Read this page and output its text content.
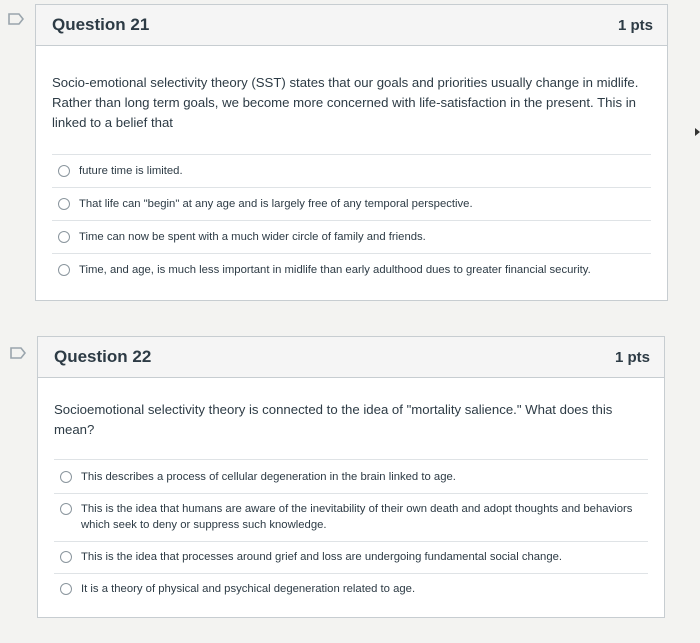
Question 21	1 pts
Socio-emotional selectivity theory (SST) states that our goals and priorities usually change in midlife. Rather than long term goals, we become more concerned with life-satisfaction in the present. This in linked to a belief that
future time is limited.
That life can "begin" at any age and is largely free of any temporal perspective.
Time can now be spent with a much wider circle of family and friends.
Time, and age, is much less important in midlife than early adulthood dues to greater financial security.
Question 22	1 pts
Socioemotional selectivity theory is connected to the idea of "mortality salience." What does this mean?
This describes a process of cellular degeneration in the brain linked to age.
This is the idea that humans are aware of the inevitability of their own death and adopt thoughts and behaviors which seek to deny or suppress such knowledge.
This is the idea that processes around grief and loss are undergoing fundamental social change.
It is a theory of physical and psychical degeneration related to age.
